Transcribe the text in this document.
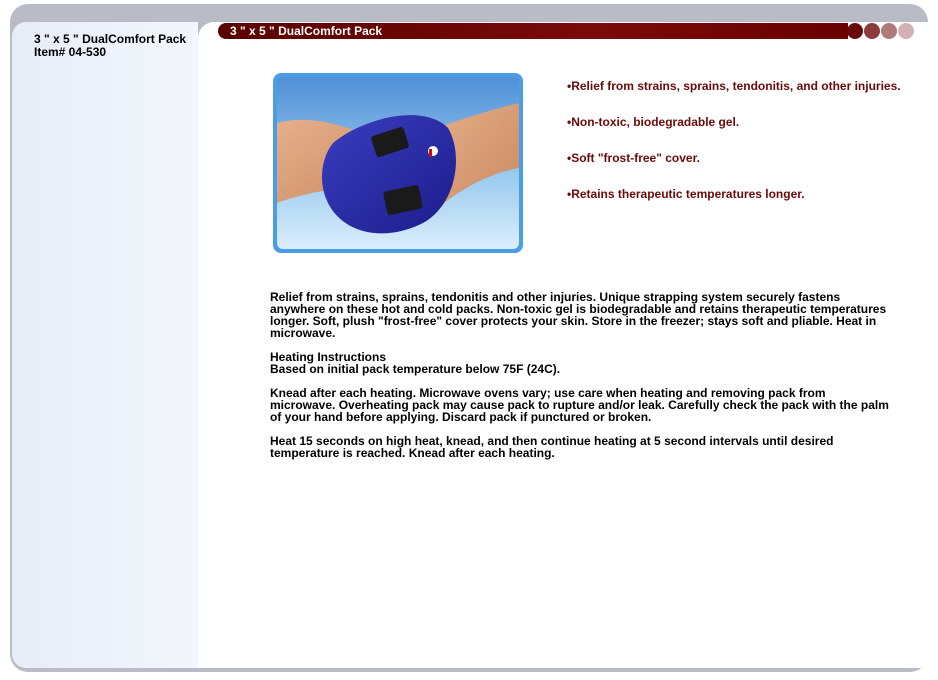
3 " x 5 " DualComfort Pack
Item# 04-530
3 " x 5 " DualComfort Pack
•Relief from strains, sprains, tendonitis, and other injuries.
•Non-toxic, biodegradable gel.
•Soft "frost-free" cover.
•Retains therapeutic temperatures longer.

Relief from strains, sprains, tendonitis and other injuries. Unique strapping system securely fastens anywhere on these hot and cold packs. Non-toxic gel is biodegradable and retains therapeutic temperatures longer. Soft, plush "frost-free" cover protects your skin. Store in the freezer; stays soft and pliable. Heat in microwave.

Heating Instructions
Based on initial pack temperature below 75F (24C).

Knead after each heating. Microwave ovens vary; use care when heating and removing pack from microwave. Overheating pack may cause pack to rupture and/or leak. Carefully check the pack with the palm of your hand before applying. Discard pack if punctured or broken.

Heat 15 seconds on high heat, knead, and then continue heating at 5 second intervals until desired temperature is reached. Knead after each heating.
